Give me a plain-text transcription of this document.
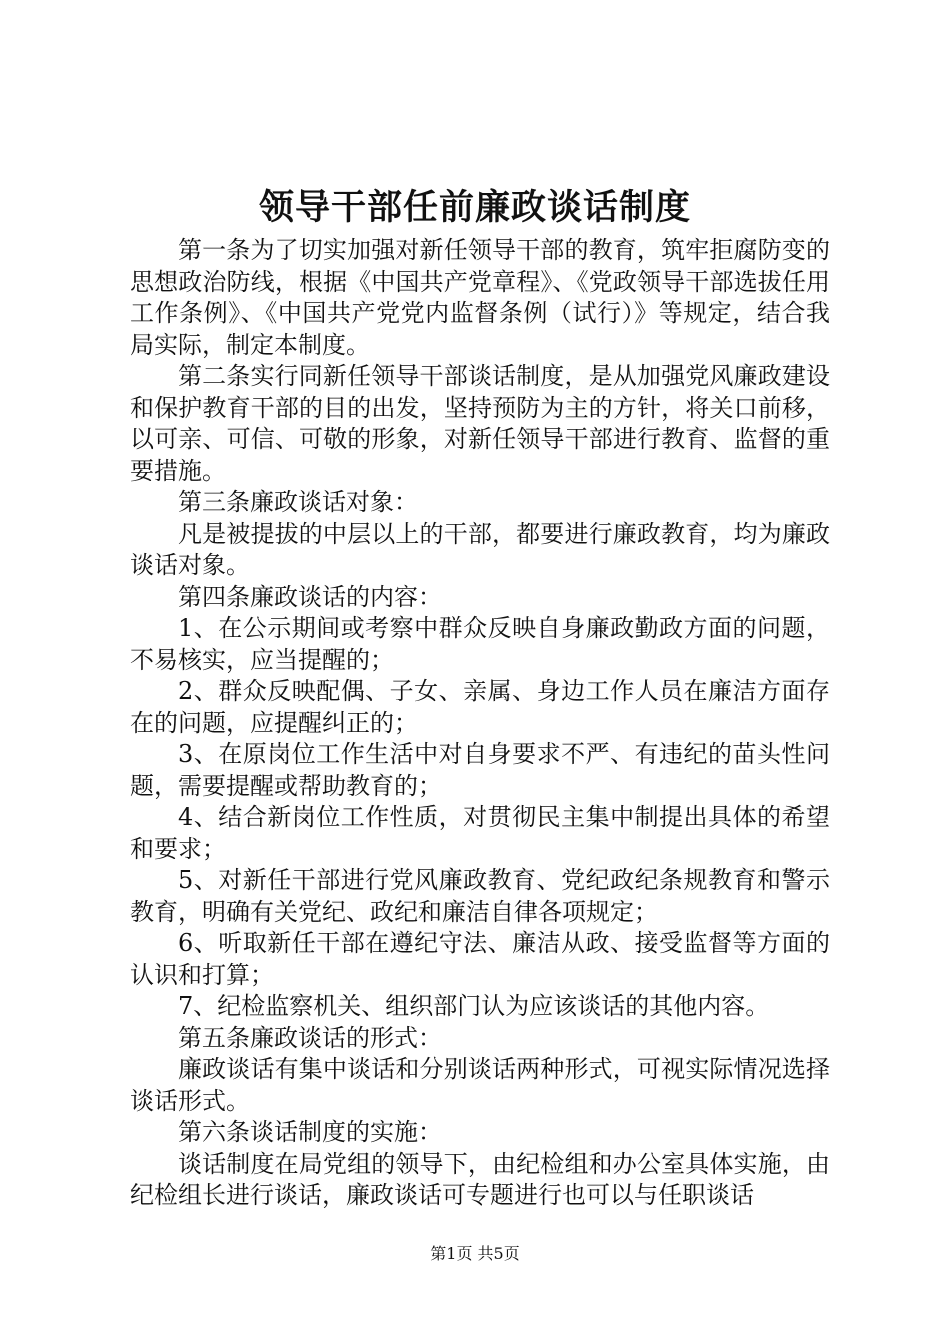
领导干部任前廉政谈话制度

第一条为了切实加强对新任领导干部的教育，筑牢拒腐防变的思想政治防线，根据《中国共产党章程》、《党政领导干部选拔任用工作条例》、《中国共产党党内监督条例（试行）》等规定，结合我局实际，制定本制度。

第二条实行同新任领导干部谈话制度，是从加强党风廉政建设和保护教育干部的目的出发，坚持预防为主的方针，将关口前移，以可亲、可信、可敬的形象，对新任领导干部进行教育、监督的重要措施。

第三条廉政谈话对象：

凡是被提拔的中层以上的干部，都要进行廉政教育，均为廉政谈话对象。

第四条廉政谈话的内容：

1、在公示期间或考察中群众反映自身廉政勤政方面的问题，不易核实，应当提醒的；

2、群众反映配偶、子女、亲属、身边工作人员在廉洁方面存在的问题，应提醒纠正的；

3、在原岗位工作生活中对自身要求不严、有违纪的苗头性问题，需要提醒或帮助教育的；

4、结合新岗位工作性质，对贯彻民主集中制提出具体的希望和要求；

5、对新任干部进行党风廉政教育、党纪政纪条规教育和警示教育，明确有关党纪、政纪和廉洁自律各项规定；

6、听取新任干部在遵纪守法、廉洁从政、接受监督等方面的认识和打算；

7、纪检监察机关、组织部门认为应该谈话的其他内容。

第五条廉政谈话的形式：

廉政谈话有集中谈话和分别谈话两种形式，可视实际情况选择谈话形式。

第六条谈话制度的实施：

谈话制度在局党组的领导下，由纪检组和办公室具体实施，由纪检组长进行谈话，廉政谈话可专题进行也可以与任职谈话

第1页 共5页
